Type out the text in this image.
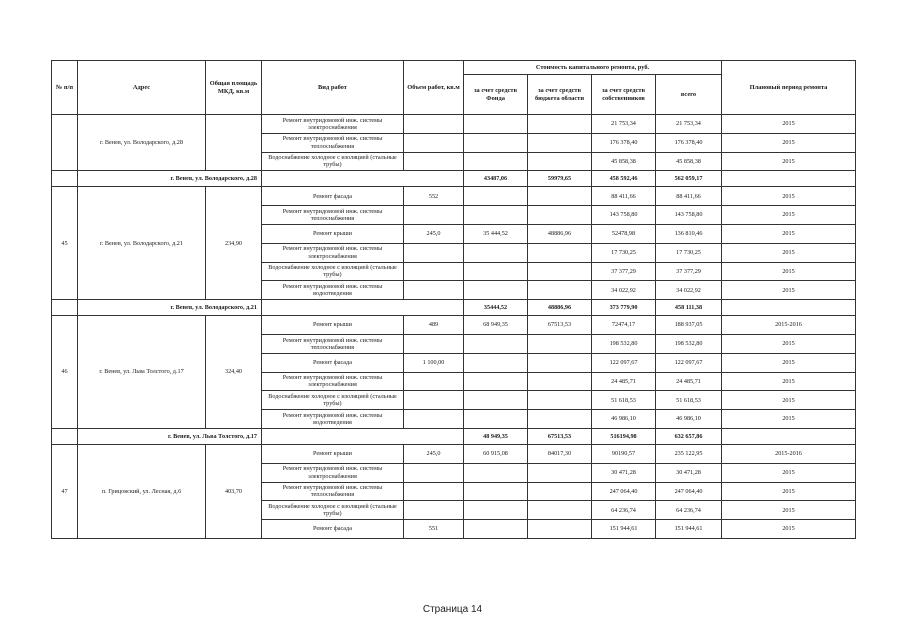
№ п/п	Адрес	Общая площадь МКД, кв.м	Вид работ	Объем работ, кв.м	Стоимость капитального ремонта, руб.				Плановый период ремонта
					за счет средств Фонда	за счет средств бюджета области	за счет средств собственников	всего	
	г. Венев, ул. Володарского, д.28		Ремонт внутридомовой инж. системы электроснабжения				21 753,34	21 753,34	2015
			Ремонт внутридомовой инж. системы теплоснабжения				176 378,40	176 378,40	2015
			Водоснабжение холодное с изоляцией (стальные трубы)				45 858,38	45 858,38	2015
	г. Венев, ул. Володарского, д.28				43487,06	59979,65	458 592,46	562 059,17	
45	г. Венев, ул. Володарского, д.21	234,90	Ремонт фасада	552			88 411,66	88 411,66	2015
			Ремонт внутридомовой инж. системы теплоснабжения				143 758,80	143 758,80	2015
			Ремонт крыши	245,0	35 444,52	48886,96	52478,98	136 810,46	2015
			Ремонт внутридомовой инж. системы электроснабжения				17 730,25	17 730,25	2015
			Водоснабжение холодное с изоляцией (стальные трубы)				37 377,29	37 377,29	2015
			Ремонт внутридомовой инж. системы водоотведения				34 022,92	34 022,92	2015
	г. Венев, ул. Володарского, д.21				35444,52	48886,96	373 779,90	458 111,38	
46	г. Венев, ул. Льва Толстого, д.17	324,40	Ремонт крыши	489	68 949,35	67513,53	72474,17	188 937,05	2015-2016
			Ремонт внутридомовой инж. системы теплоснабжения				198 532,80	198 532,80	2015
			Ремонт фасада	1 100,00			122 097,67	122 097,67	2015
			Ремонт внутридомовой инж. системы электроснабжения				24 485,71	24 485,71	2015
			Водоснабжение холодное с изоляцией (стальные трубы)				51 618,53	51 618,53	2015
			Ремонт внутридомовой инж. системы водоотведения				46 986,10	46 986,10	2015
	г. Венев, ул. Льва Толстого, д.17				48 949,35	67513,53	516194,98	632 657,86	
47	п. Грицовский, ул. Лесная, д.6	403,70	Ремонт крыши	245,0	60 915,08	84017,30	90190,57	235 122,95	2015-2016
			Ремонт внутридомовой инж. системы электроснабжения				30 471,28	30 471,28	2015
			Ремонт внутридомовой инж. системы теплоснабжения				247 064,40	247 064,40	2015
			Водоснабжение холодное с изоляцией (стальные трубы)				64 236,74	64 236,74	2015
			Ремонт фасада	551			151 944,61	151 944,61	2015
Страница 14
